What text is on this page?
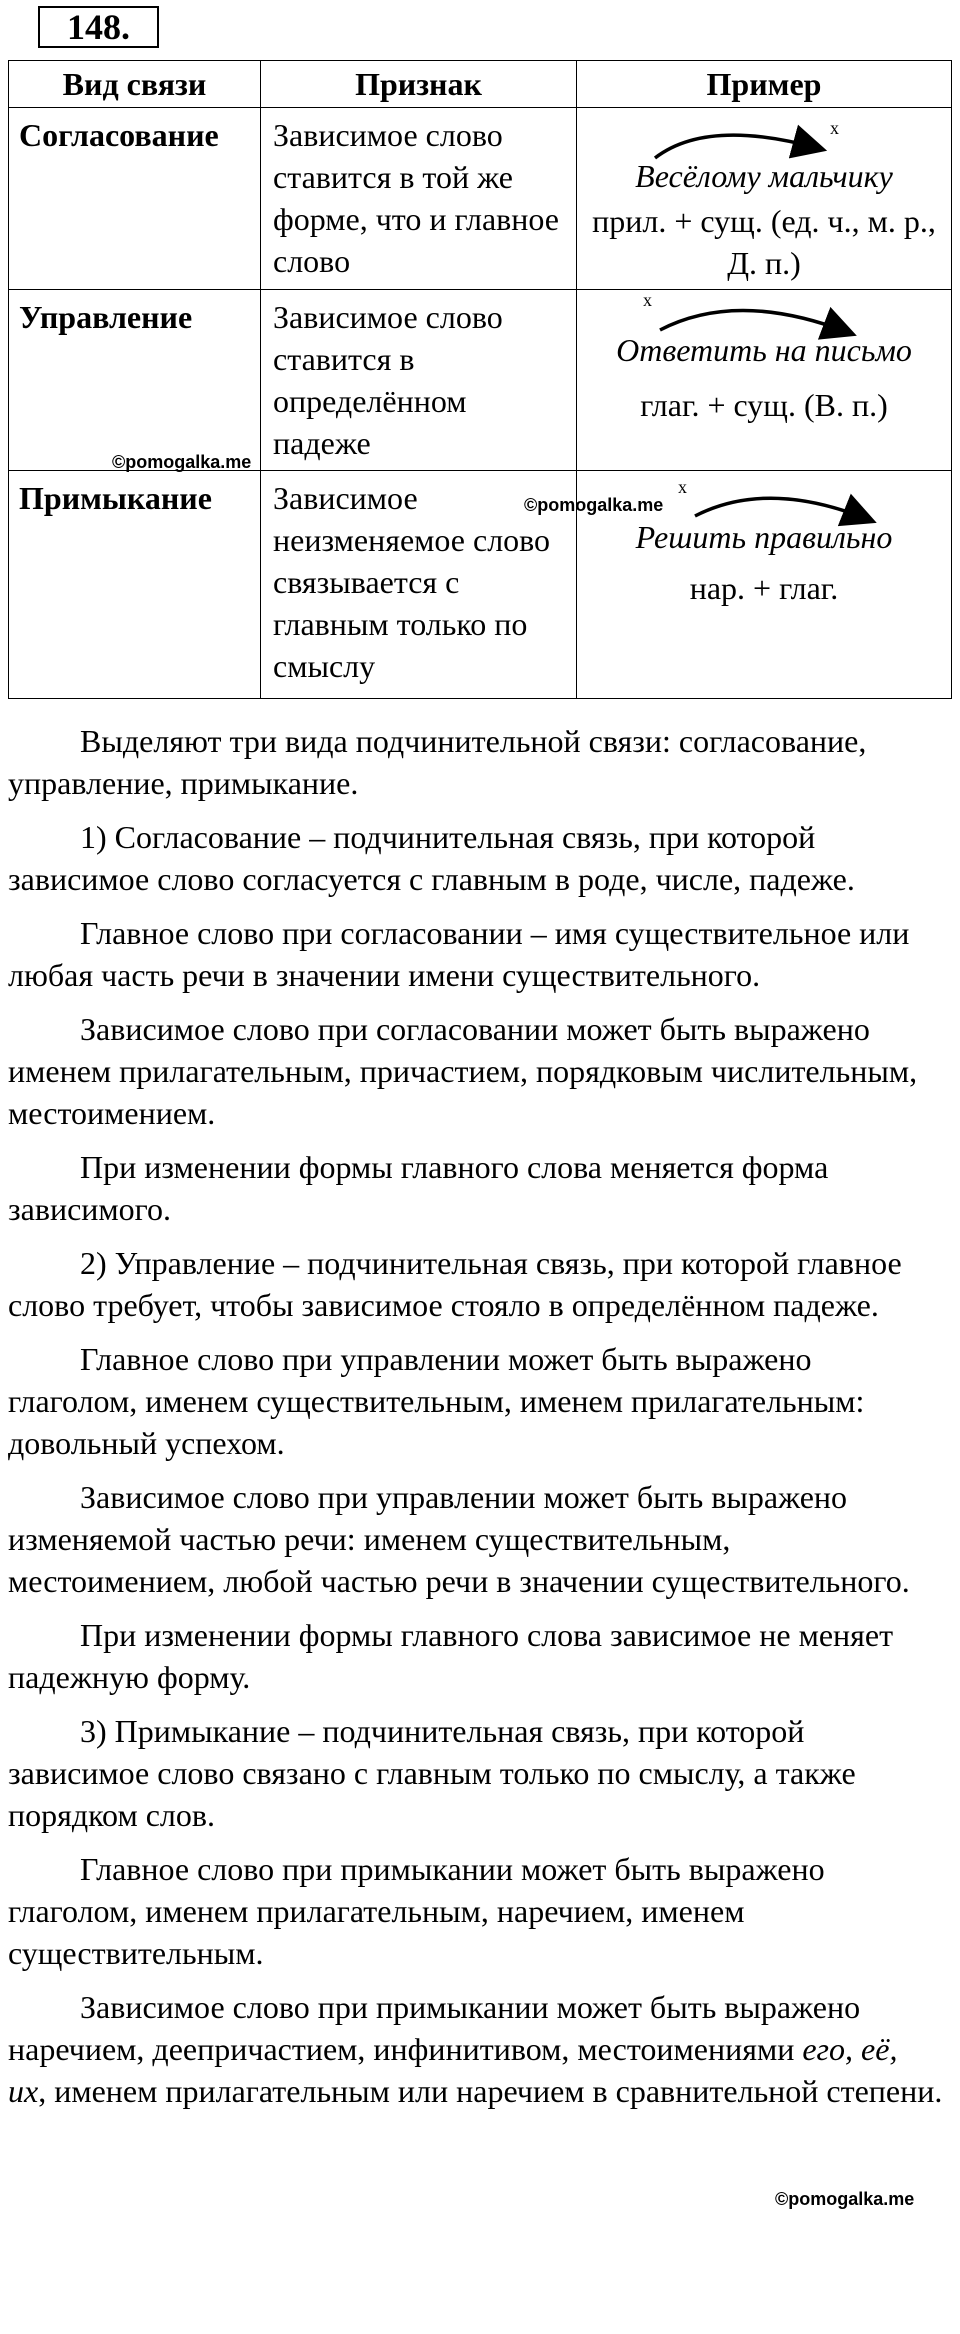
148.
Вид связи	Признак	Пример
Согласование	Зависимое слово ставится в той же форме, что и главное слово	x
Весёлому мальчику
прил. + сущ. (ед. ч., м. р., Д. п.)

Управление	Зависимое слово ставится в определённом падеже	x
Ответить на письмо
глаг. + сущ. (В. п.)

Примыкание	Зависимое неизменяемое слово связывается с главным только по смыслу	x
Решить правильно
нар. + глаг.
©pomogalka.me
©pomogalka.me
©pomogalka.me

Выделяют три вида подчинительной связи: согласование, управление, примыкание.

1) Согласование – подчинительная связь, при которой зависимое слово согласуется с главным в роде, числе, падеже.

Главное слово при согласовании – имя существительное или любая часть речи в значении имени существительного.

Зависимое слово при согласовании может быть выражено именем прилагательным, причастием, порядковым числительным, местоимением.

При изменении формы главного слова меняется форма зависимого.

2) Управление – подчинительная связь, при которой главное слово требует, чтобы зависимое стояло в определённом падеже.

Главное слово при управлении может быть выражено глаголом, именем существительным, именем прилагательным: довольный успехом.

Зависимое слово при управлении может быть выражено изменяемой частью речи: именем существительным, местоимением, любой частью речи в значении существительного.

При изменении формы главного слова зависимое не меняет падежную форму.

3) Примыкание – подчинительная связь, при которой зависимое слово связано с главным только по смыслу, а также порядком слов.

Главное слово при примыкании может быть выражено глаголом, именем прилагательным, наречием, именем существительным.

Зависимое слово при примыкании может быть выражено наречием, деепричастием, инфинитивом, местоимениями его, её, их, именем прилагательным или наречием в сравнительной степени.
